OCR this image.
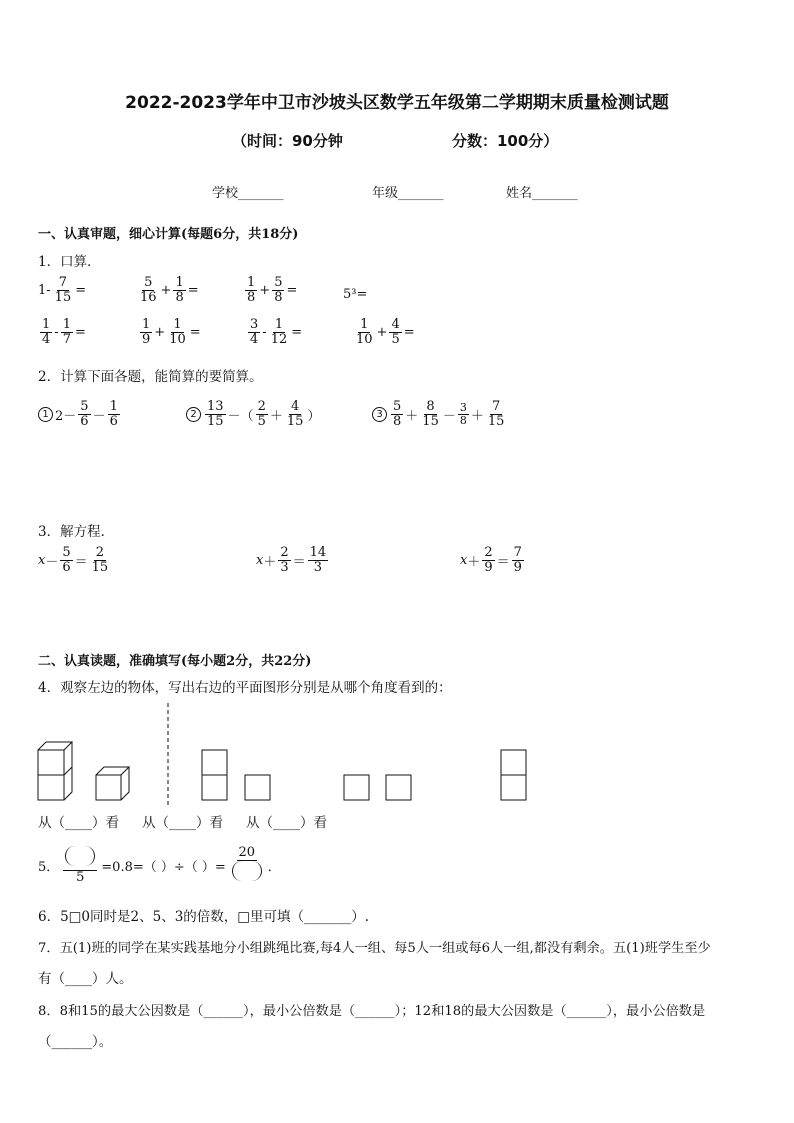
2022-2023学年中卫市沙坡头区数学五年级第二学期期末质量检测试题
（时间：90分钟	分数：100分）
学校_______	年级_______	姓名_______
一、认真审题，细心计算(每题6分，共18分)
1．口算．
$1- \frac{7}{15}$ =	$\frac{5}{16} + \frac{1}{8}$ =	$\frac{1}{8} + \frac{5}{8}$ =	5³=
$\frac{1}{4} - \frac{1}{7}$ =	$\frac{1}{9} + \frac{1}{10}$ =	$\frac{3}{4} - \frac{1}{12}$ =	$\frac{1}{10} + \frac{4}{5}$ =
2．计算下面各题，能简算的要简算。
1 $2- \frac{5}{6} - \frac{1}{6}$	$2 \frac{13}{15}$ －（ $\frac{2}{5} + \frac{4}{15}$ ）	$3 \frac{5}{8} + \frac{8}{15} - \frac{3}{8} + \frac{7}{15}$
3．解方程．
$x - \frac{5}{6} = \frac{2}{15}$	$x + \frac{2}{3} = \frac{14}{3}$	$x + \frac{2}{9} = \frac{7}{9}$
二、认真读题，准确填写(每小题2分，共22分)
4．观察左边的物体，写出右边的平面图形分别是从哪个角度看到的：
从（____）看 从（____）看 从（____）看
5．
5
=0.8=（ ）÷（ ）=
20
．
6．5□0同时是2、5、3的倍数，□里可填（_______）.
7．五(1)班的同学在某实践基地分小组跳绳比赛,每4人一组、每5人一组或每6人一组,都没有剩余。五(1)班学生至少
有（____）人。
8．8和15的最大公因数是（______），最小公倍数是（______）；12和18的最大公因数是（______），最小公倍数是
（______）。
